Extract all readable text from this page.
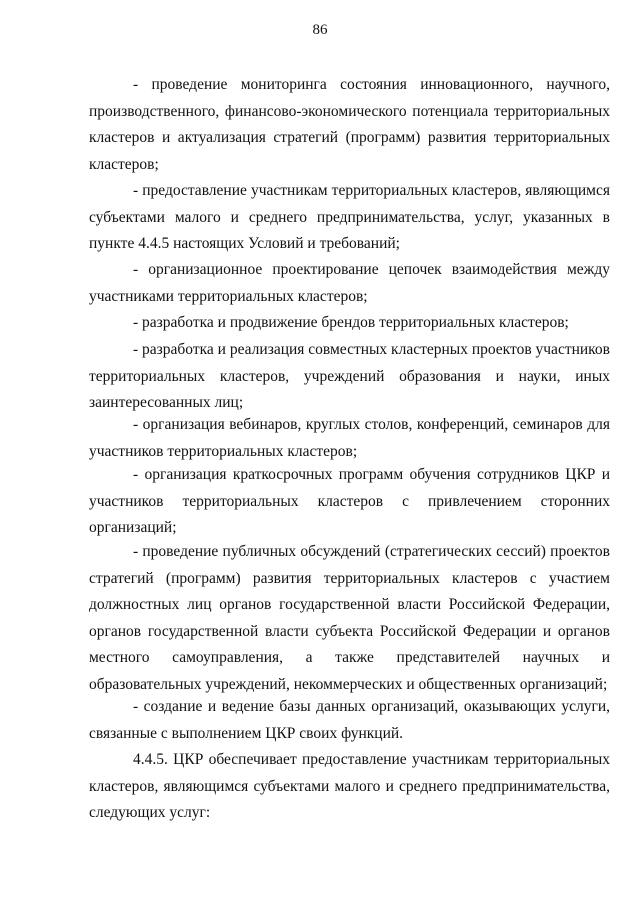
86

- проведение мониторинга состояния инновационного, научного, производственного, финансово-экономического потенциала территориальных кластеров и актуализация стратегий (программ) развития территориальных кластеров;

- предоставление участникам территориальных кластеров, являющимся субъектами малого и среднего предпринимательства, услуг, указанных в пункте 4.4.5 настоящих Условий и требований;

- организационное проектирование цепочек взаимодействия между участниками территориальных кластеров;

- разработка и продвижение брендов территориальных кластеров;

- разработка и реализация совместных кластерных проектов участников территориальных кластеров, учреждений образования и науки, иных заинтересованных лиц;

- организация вебинаров, круглых столов, конференций, семинаров для участников территориальных кластеров;

- организация краткосрочных программ обучения сотрудников ЦКР и участников территориальных кластеров с привлечением сторонних организаций;

- проведение публичных обсуждений (стратегических сессий) проектов стратегий (программ) развития территориальных кластеров с участием должностных лиц органов государственной власти Российской Федерации, органов государственной власти субъекта Российской Федерации и органов местного самоуправления, а также представителей научных и образовательных учреждений, некоммерческих и общественных организаций;

- создание и ведение базы данных организаций, оказывающих услуги, связанные с выполнением ЦКР своих функций.

4.4.5. ЦКР обеспечивает предоставление участникам территориальных кластеров, являющимся субъектами малого и среднего предпринимательства, следующих услуг:
